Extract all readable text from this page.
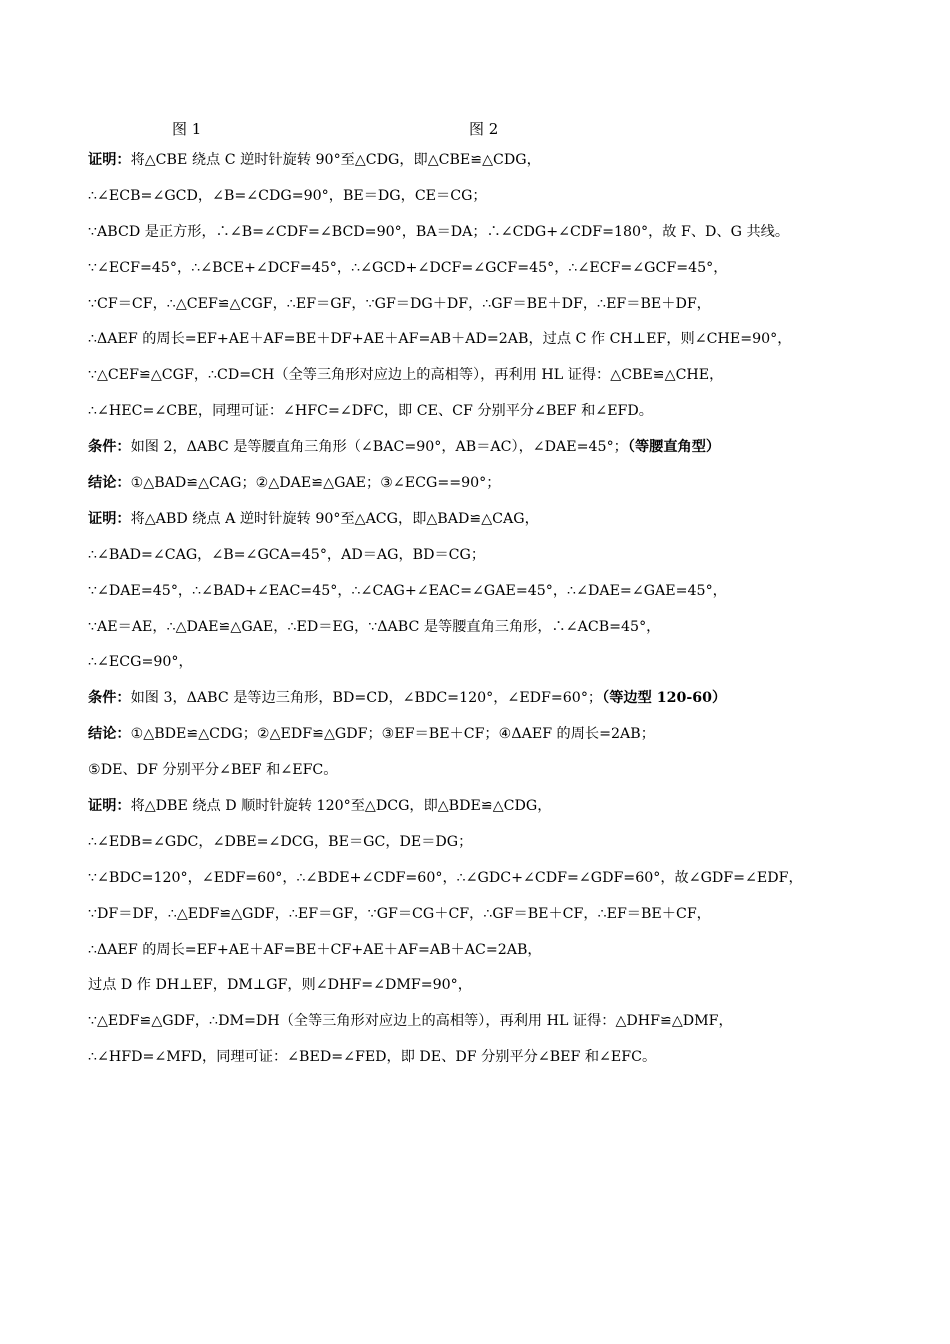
图 1	图 2
证明：将△CBE 绕点 C 逆时针旋转 90°至△CDG，即△CBE≌△CDG，
∴∠ECB=∠GCD，∠B=∠CDG=90°，BE＝DG，CE＝CG；
∵ABCD 是正方形，∴∠B=∠CDF=∠BCD=90°，BA＝DA；∴∠CDG+∠CDF=180°，故 F、D、G 共线。
∵∠ECF=45°，∴∠BCE+∠DCF=45°，∴∠GCD+∠DCF=∠GCF=45°，∴∠ECF=∠GCF=45°，
∵CF＝CF，∴△CEF≌△CGF，∴EF＝GF，∵GF＝DG＋DF，∴GF＝BE＋DF，∴EF＝BE＋DF，
∴ΔAEF 的周长=EF+AE＋AF=BE＋DF+AE＋AF=AB＋AD=2AB，过点 C 作 CH⊥EF，则∠CHE=90°，
∵△CEF≌△CGF，∴CD=CH（全等三角形对应边上的高相等），再利用 HL 证得：△CBE≌△CHE，
∴∠HEC=∠CBE，同理可证：∠HFC=∠DFC，即 CE、CF 分别平分∠BEF 和∠EFD。
条件：如图 2，ΔABC 是等腰直角三角形（∠BAC=90°，AB＝AC），∠DAE=45°；（等腰直角型）
结论：①△BAD≌△CAG；②△DAE≌△GAE；③∠ECG==90°；
证明：将△ABD 绕点 A 逆时针旋转 90°至△ACG，即△BAD≌△CAG，
∴∠BAD=∠CAG，∠B=∠GCA=45°，AD＝AG，BD＝CG；
∵∠DAE=45°，∴∠BAD+∠EAC=45°，∴∠CAG+∠EAC=∠GAE=45°，∴∠DAE=∠GAE=45°，
∵AE＝AE，∴△DAE≌△GAE，∴ED＝EG，∵ΔABC 是等腰直角三角形，∴∠ACB=45°，
∴∠ECG=90°，
条件：如图 3，ΔABC 是等边三角形，BD=CD，∠BDC=120°，∠EDF=60°；（等边型 120-60）
结论：①△BDE≌△CDG；②△EDF≌△GDF；③EF＝BE＋CF；④ΔAEF 的周长=2AB；
⑤DE、DF 分别平分∠BEF 和∠EFC。
证明：将△DBE 绕点 D 顺时针旋转 120°至△DCG，即△BDE≌△CDG，
∴∠EDB=∠GDC，∠DBE=∠DCG，BE＝GC，DE＝DG；
∵∠BDC=120°，∠EDF=60°，∴∠BDE+∠CDF=60°，∴∠GDC+∠CDF=∠GDF=60°，故∠GDF=∠EDF，
∵DF＝DF，∴△EDF≌△GDF，∴EF＝GF，∵GF＝CG＋CF，∴GF＝BE＋CF，∴EF＝BE＋CF，
∴ΔAEF 的周长=EF+AE＋AF=BE＋CF+AE＋AF=AB＋AC=2AB，
过点 D 作 DH⊥EF，DM⊥GF，则∠DHF=∠DMF=90°，
∵△EDF≌△GDF，∴DM=DH（全等三角形对应边上的高相等），再利用 HL 证得：△DHF≌△DMF，
∴∠HFD=∠MFD，同理可证：∠BED=∠FED，即 DE、DF 分别平分∠BEF 和∠EFC。
